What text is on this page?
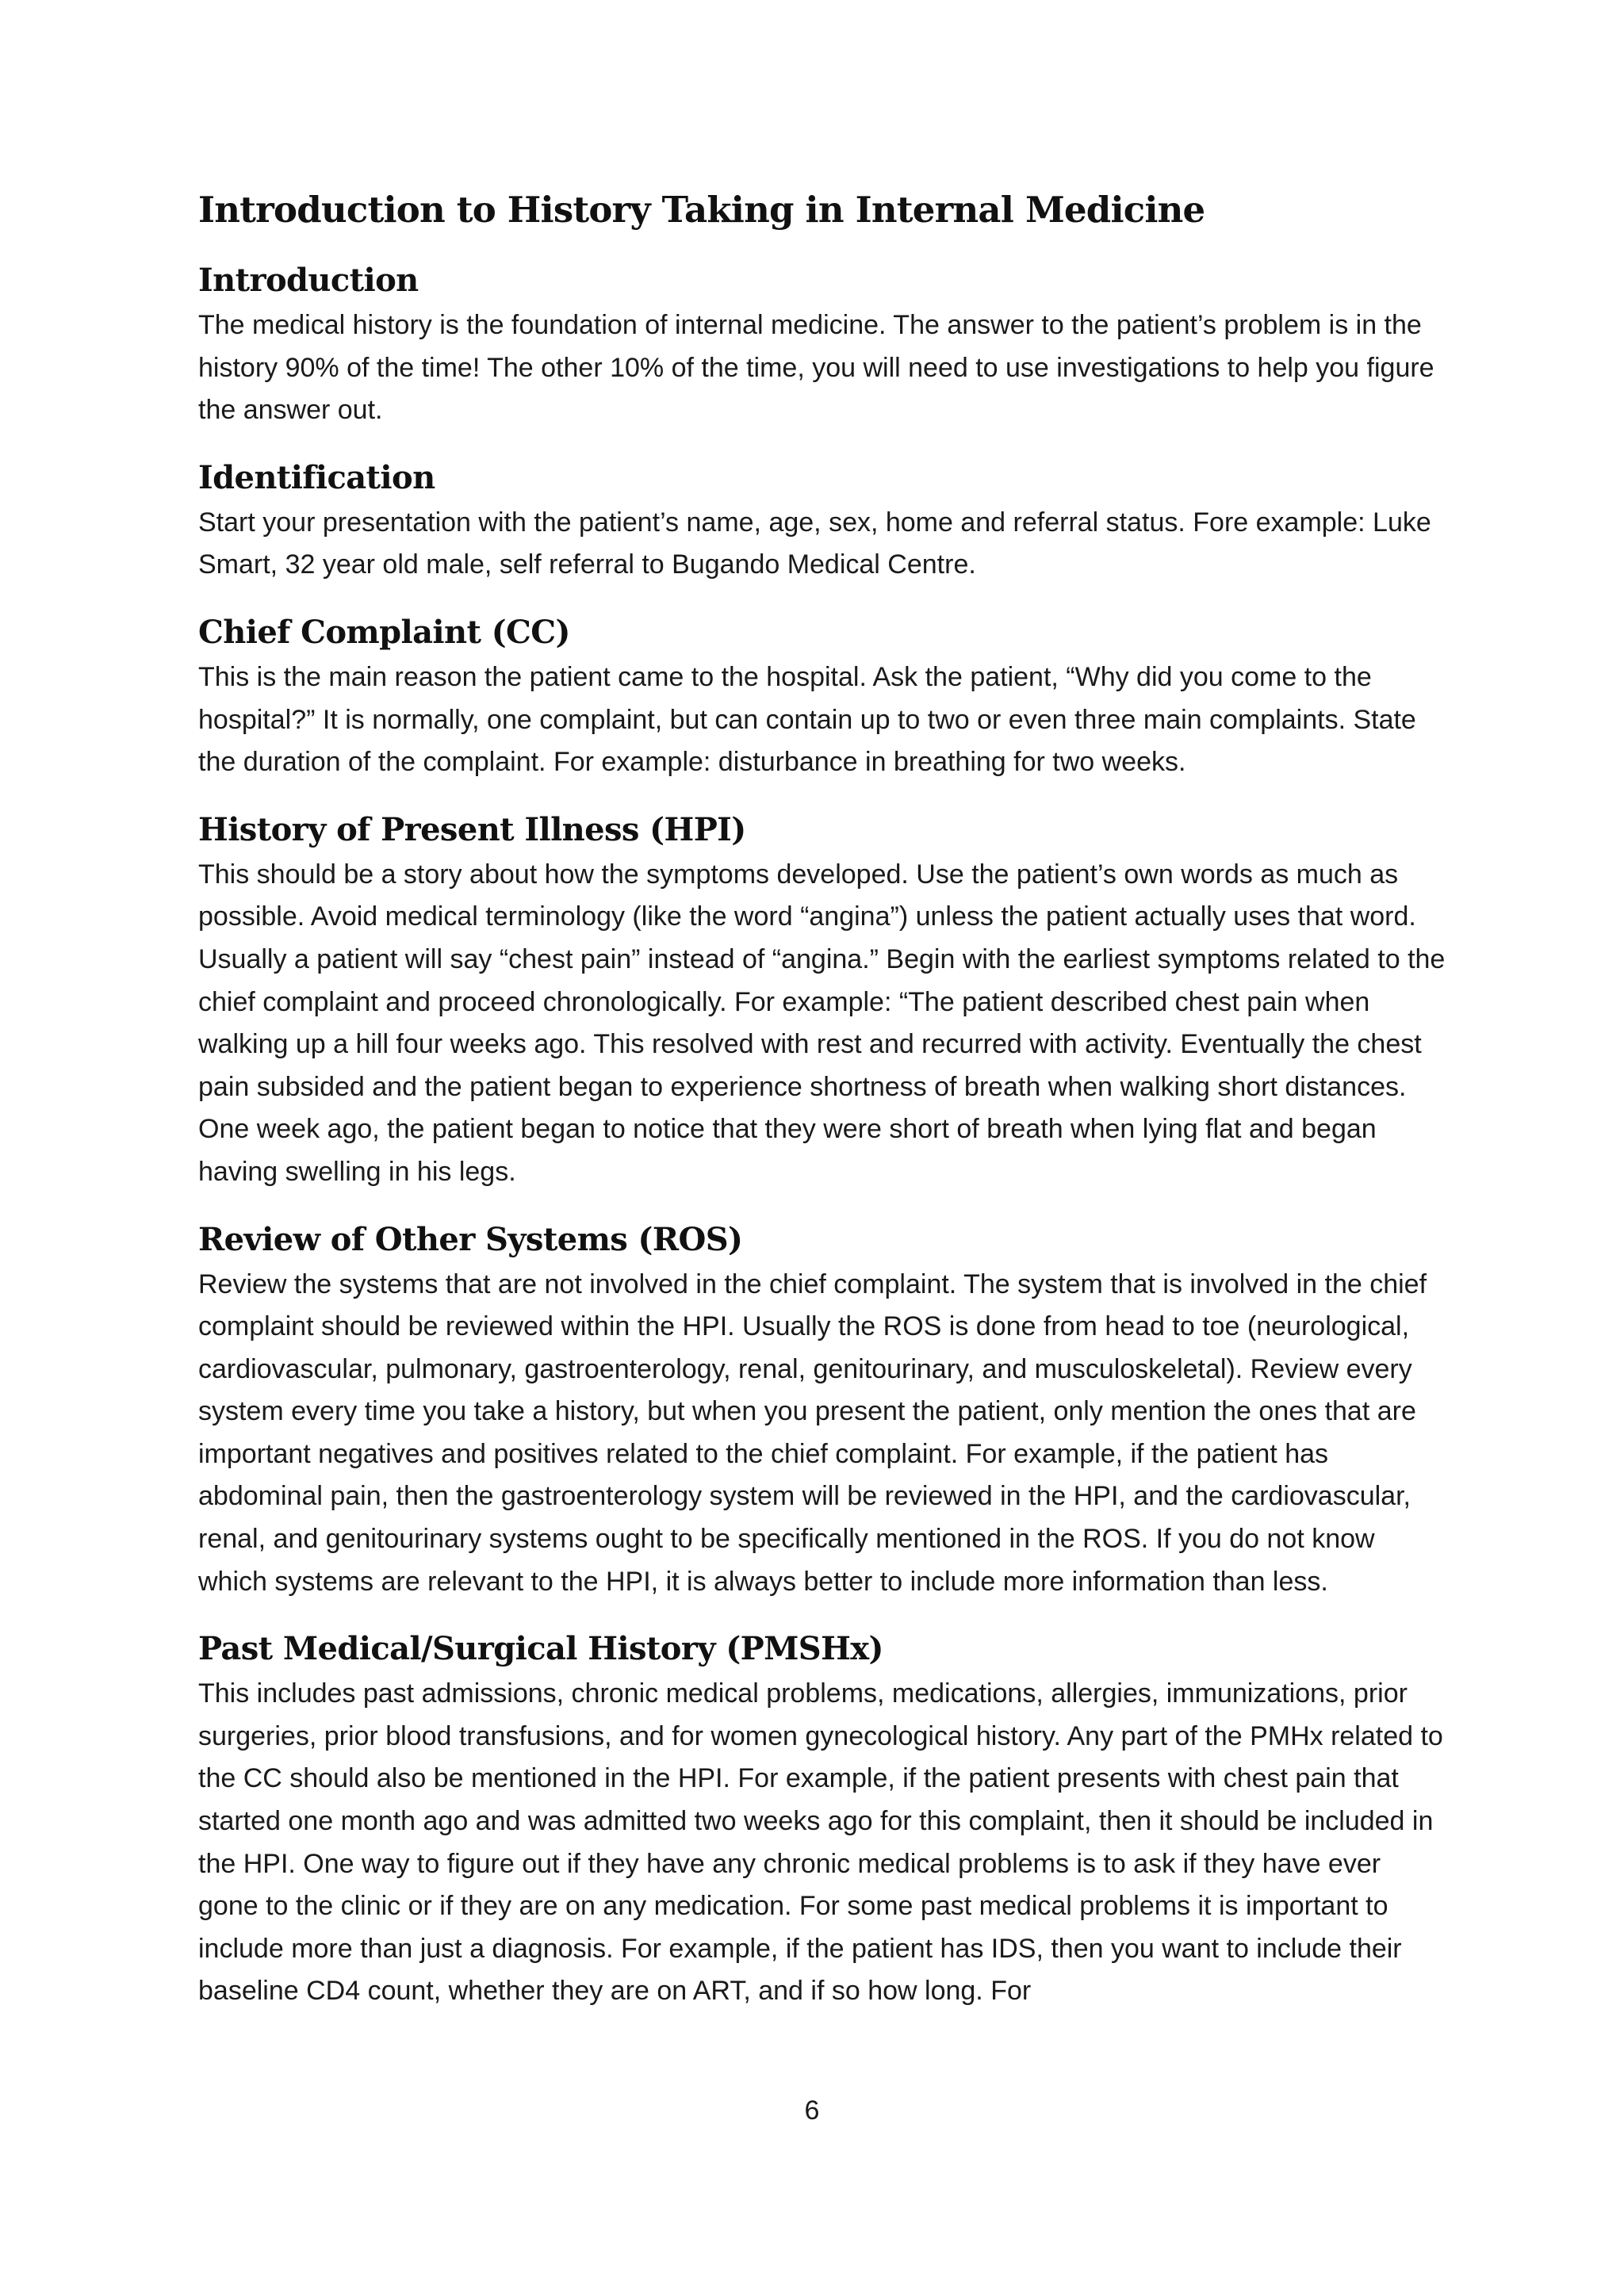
Introduction to History Taking in Internal Medicine
Introduction

The medical history is the foundation of internal medicine. The answer to the patient’s problem is in the history 90% of the time! The other 10% of the time, you will need to use investigations to help you figure the answer out.

Identification

Start your presentation with the patient’s name, age, sex, home and referral status. Fore example: Luke Smart, 32 year old male, self referral to Bugando Medical Centre.

Chief Complaint (CC)

This is the main reason the patient came to the hospital. Ask the patient, “Why did you come to the hospital?” It is normally, one complaint, but can contain up to two or even three main complaints. State the duration of the complaint. For example: disturbance in breathing for two weeks.

History of Present Illness (HPI)

This should be a story about how the symptoms developed. Use the patient’s own words as much as possible. Avoid medical terminology (like the word “angina”) unless the patient actually uses that word. Usually a patient will say “chest pain” instead of “angina.” Begin with the earliest symptoms related to the chief complaint and proceed chronologically. For example: “The patient described chest pain when walking up a hill four weeks ago. This resolved with rest and recurred with activity. Eventually the chest pain subsided and the patient began to experience shortness of breath when walking short distances. One week ago, the patient began to notice that they were short of breath when lying flat and began having swelling in his legs.

Review of Other Systems (ROS)

Review the systems that are not involved in the chief complaint. The system that is involved in the chief complaint should be reviewed within the HPI. Usually the ROS is done from head to toe (neurological, cardiovascular, pulmonary, gastroenterology, renal, genitourinary, and musculoskeletal). Review every system every time you take a history, but when you present the patient, only mention the ones that are important negatives and positives related to the chief complaint. For example, if the patient has abdominal pain, then the gastroenterology system will be reviewed in the HPI, and the cardiovascular, renal, and genitourinary systems ought to be specifically mentioned in the ROS. If you do not know which systems are relevant to the HPI, it is always better to include more information than less.

Past Medical/Surgical History (PMSHx)

This includes past admissions, chronic medical problems, medications, allergies, immunizations, prior surgeries, prior blood transfusions, and for women gynecological history. Any part of the PMHx related to the CC should also be mentioned in the HPI. For example, if the patient presents with chest pain that started one month ago and was admitted two weeks ago for this complaint, then it should be included in the HPI. One way to figure out if they have any chronic medical problems is to ask if they have ever gone to the clinic or if they are on any medication. For some past medical problems it is important to include more than just a diagnosis. For example, if the patient has IDS, then you want to include their baseline CD4 count, whether they are on ART, and if so how long. For

6
